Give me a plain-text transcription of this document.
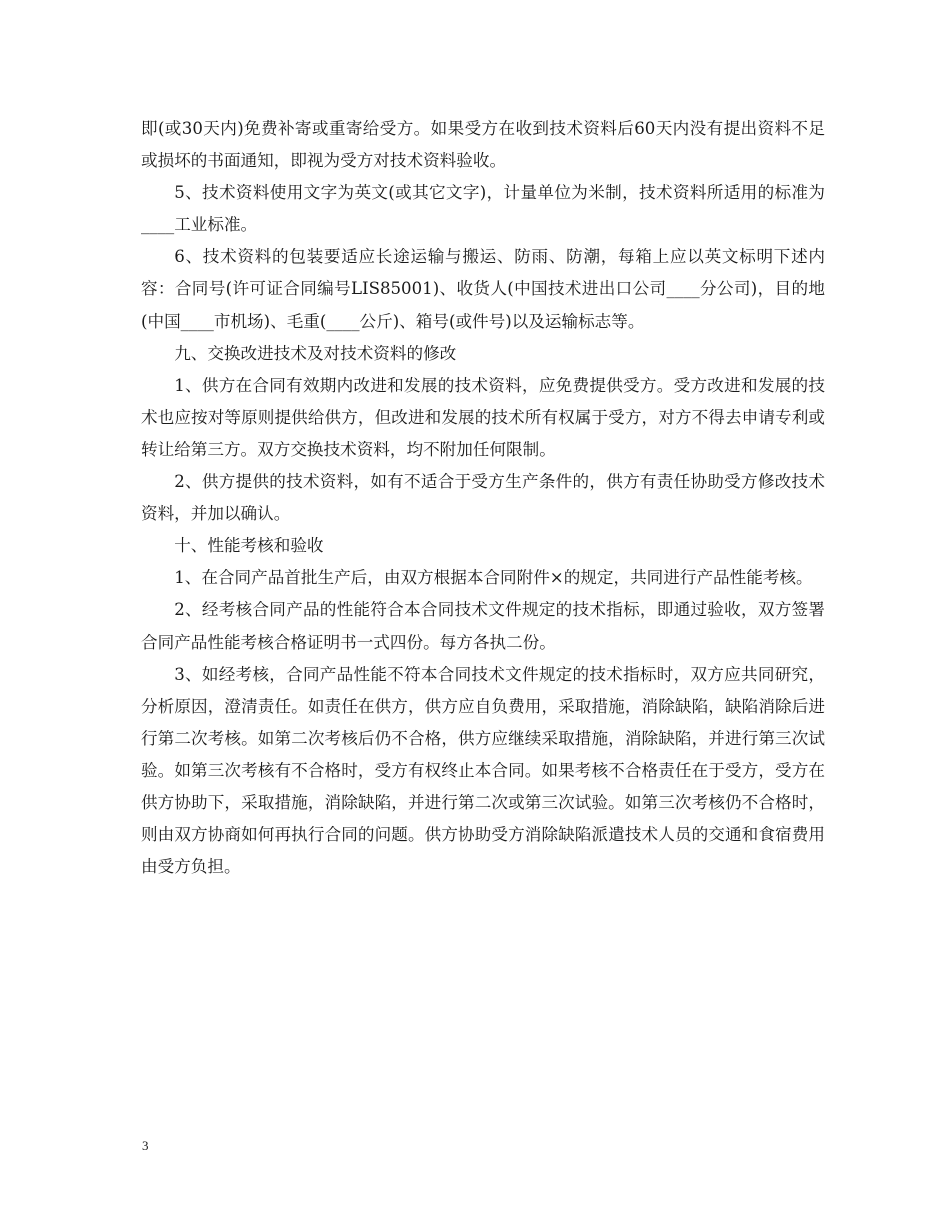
即(或30天内)免费补寄或重寄给受方。如果受方在收到技术资料后60天内没有提出资料不足或损坏的书面通知，即视为受方对技术资料验收。

5、技术资料使用文字为英文(或其它文字)，计量单位为米制，技术资料所适用的标准为____工业标准。

6、技术资料的包装要适应长途运输与搬运、防雨、防潮，每箱上应以英文标明下述内容：合同号(许可证合同编号LIS85001)、收货人(中国技术进出口公司____分公司)，目的地(中国____市机场)、毛重(____公斤)、箱号(或件号)以及运输标志等。

九、交换改进技术及对技术资料的修改

1、供方在合同有效期内改进和发展的技术资料，应免费提供受方。受方改进和发展的技术也应按对等原则提供给供方，但改进和发展的技术所有权属于受方，对方不得去申请专利或转让给第三方。双方交换技术资料，均不附加任何限制。

2、供方提供的技术资料，如有不适合于受方生产条件的，供方有责任协助受方修改技术资料，并加以确认。

十、性能考核和验收

1、在合同产品首批生产后，由双方根据本合同附件×的规定，共同进行产品性能考核。

2、经考核合同产品的性能符合本合同技术文件规定的技术指标，即通过验收，双方签署合同产品性能考核合格证明书一式四份。每方各执二份。

3、如经考核，合同产品性能不符本合同技术文件规定的技术指标时，双方应共同研究，分析原因，澄清责任。如责任在供方，供方应自负费用，采取措施，消除缺陷，缺陷消除后进行第二次考核。如第二次考核后仍不合格，供方应继续采取措施，消除缺陷，并进行第三次试验。如第三次考核有不合格时，受方有权终止本合同。如果考核不合格责任在于受方，受方在供方协助下，采取措施，消除缺陷，并进行第二次或第三次试验。如第三次考核仍不合格时，则由双方协商如何再执行合同的问题。供方协助受方消除缺陷派遣技术人员的交通和食宿费用由受方负担。

3
